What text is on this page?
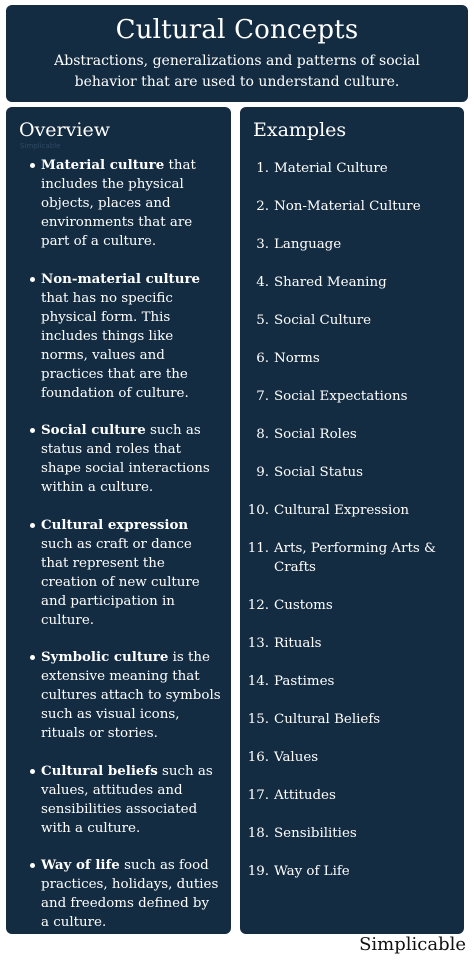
Cultural Concepts

Abstractions, generalizations and patterns of social behavior that are used to understand culture.

Overview
Simplicable
Material culture that includes the physical objects, places and environments that are part of a culture.
Non-material culture that has no specific physical form. This includes things like norms, values and practices that are the foundation of culture.
Social culture such as status and roles that shape social interactions within a culture.
Cultural expression such as craft or dance that represent the creation of new culture and participation in culture.
Symbolic culture is the extensive meaning that cultures attach to symbols such as visual icons, rituals or stories.
Cultural beliefs such as values, attitudes and sensibilities associated with a culture.
Way of life such as food practices, holidays, duties and freedoms defined by a culture.
Examples
1. Material Culture
2. Non-Material Culture
3. Language
4. Shared Meaning
5. Social Culture
6. Norms
7. Social Expectations
8. Social Roles
9. Social Status
10. Cultural Expression
11. Arts, Performing Arts & Crafts
12. Customs
13. Rituals
14. Pastimes
15. Cultural Beliefs
16. Values
17. Attitudes
18. Sensibilities
19. Way of Life
Simplicable
